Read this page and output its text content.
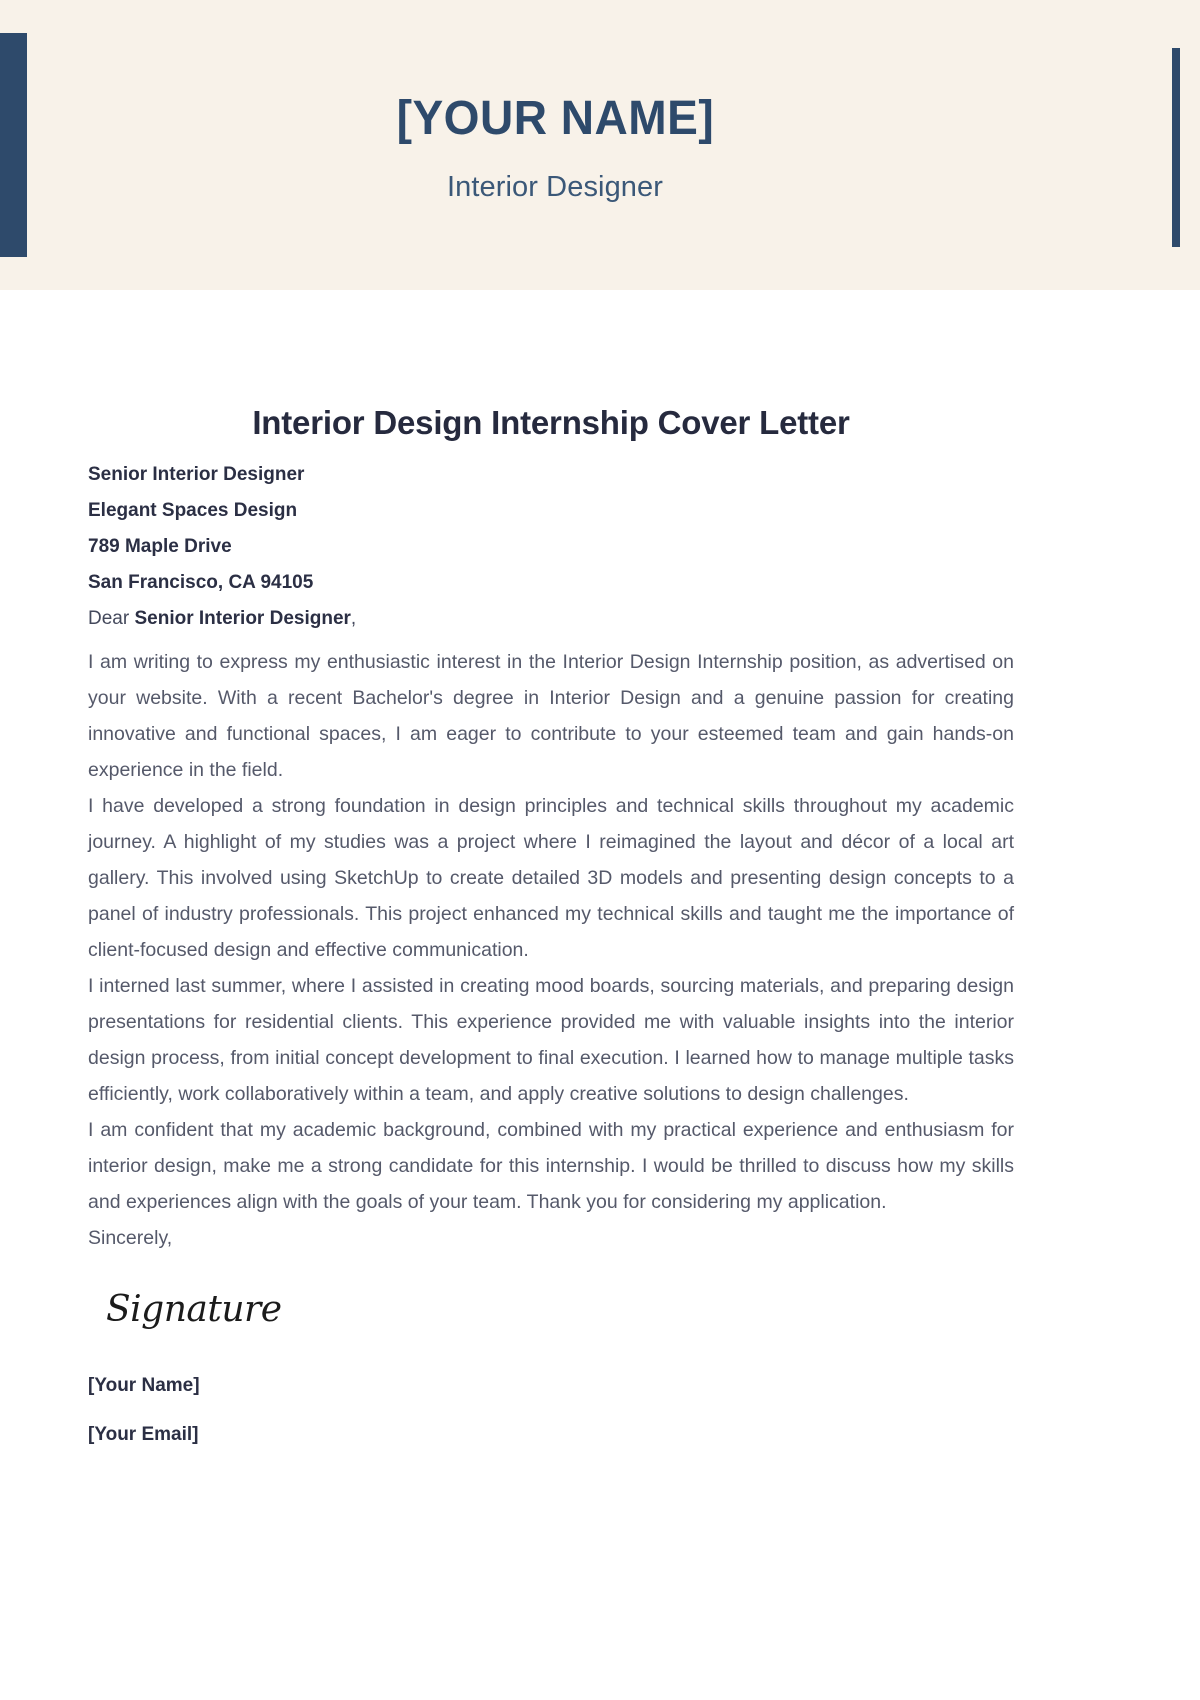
[YOUR NAME]
Interior Designer
Interior Design Internship Cover Letter

Senior Interior Designer

Elegant Spaces Design

789 Maple Drive

San Francisco, CA 94105

Dear Senior Interior Designer,

I am writing to express my enthusiastic interest in the Interior Design Internship position, as advertised on your website. With a recent Bachelor's degree in Interior Design and a genuine passion for creating innovative and functional spaces, I am eager to contribute to your esteemed team and gain hands-on experience in the field.

I have developed a strong foundation in design principles and technical skills throughout my academic journey. A highlight of my studies was a project where I reimagined the layout and décor of a local art gallery. This involved using SketchUp to create detailed 3D models and presenting design concepts to a panel of industry professionals. This project enhanced my technical skills and taught me the importance of client-focused design and effective communication.

I interned last summer, where I assisted in creating mood boards, sourcing materials, and preparing design presentations for residential clients. This experience provided me with valuable insights into the interior design process, from initial concept development to final execution. I learned how to manage multiple tasks efficiently, work collaboratively within a team, and apply creative solutions to design challenges.

I am confident that my academic background, combined with my practical experience and enthusiasm for interior design, make me a strong candidate for this internship. I would be thrilled to discuss how my skills and experiences align with the goals of your team. Thank you for considering my application.

Sincerely,

Signature

[Your Name]

[Your Email]
